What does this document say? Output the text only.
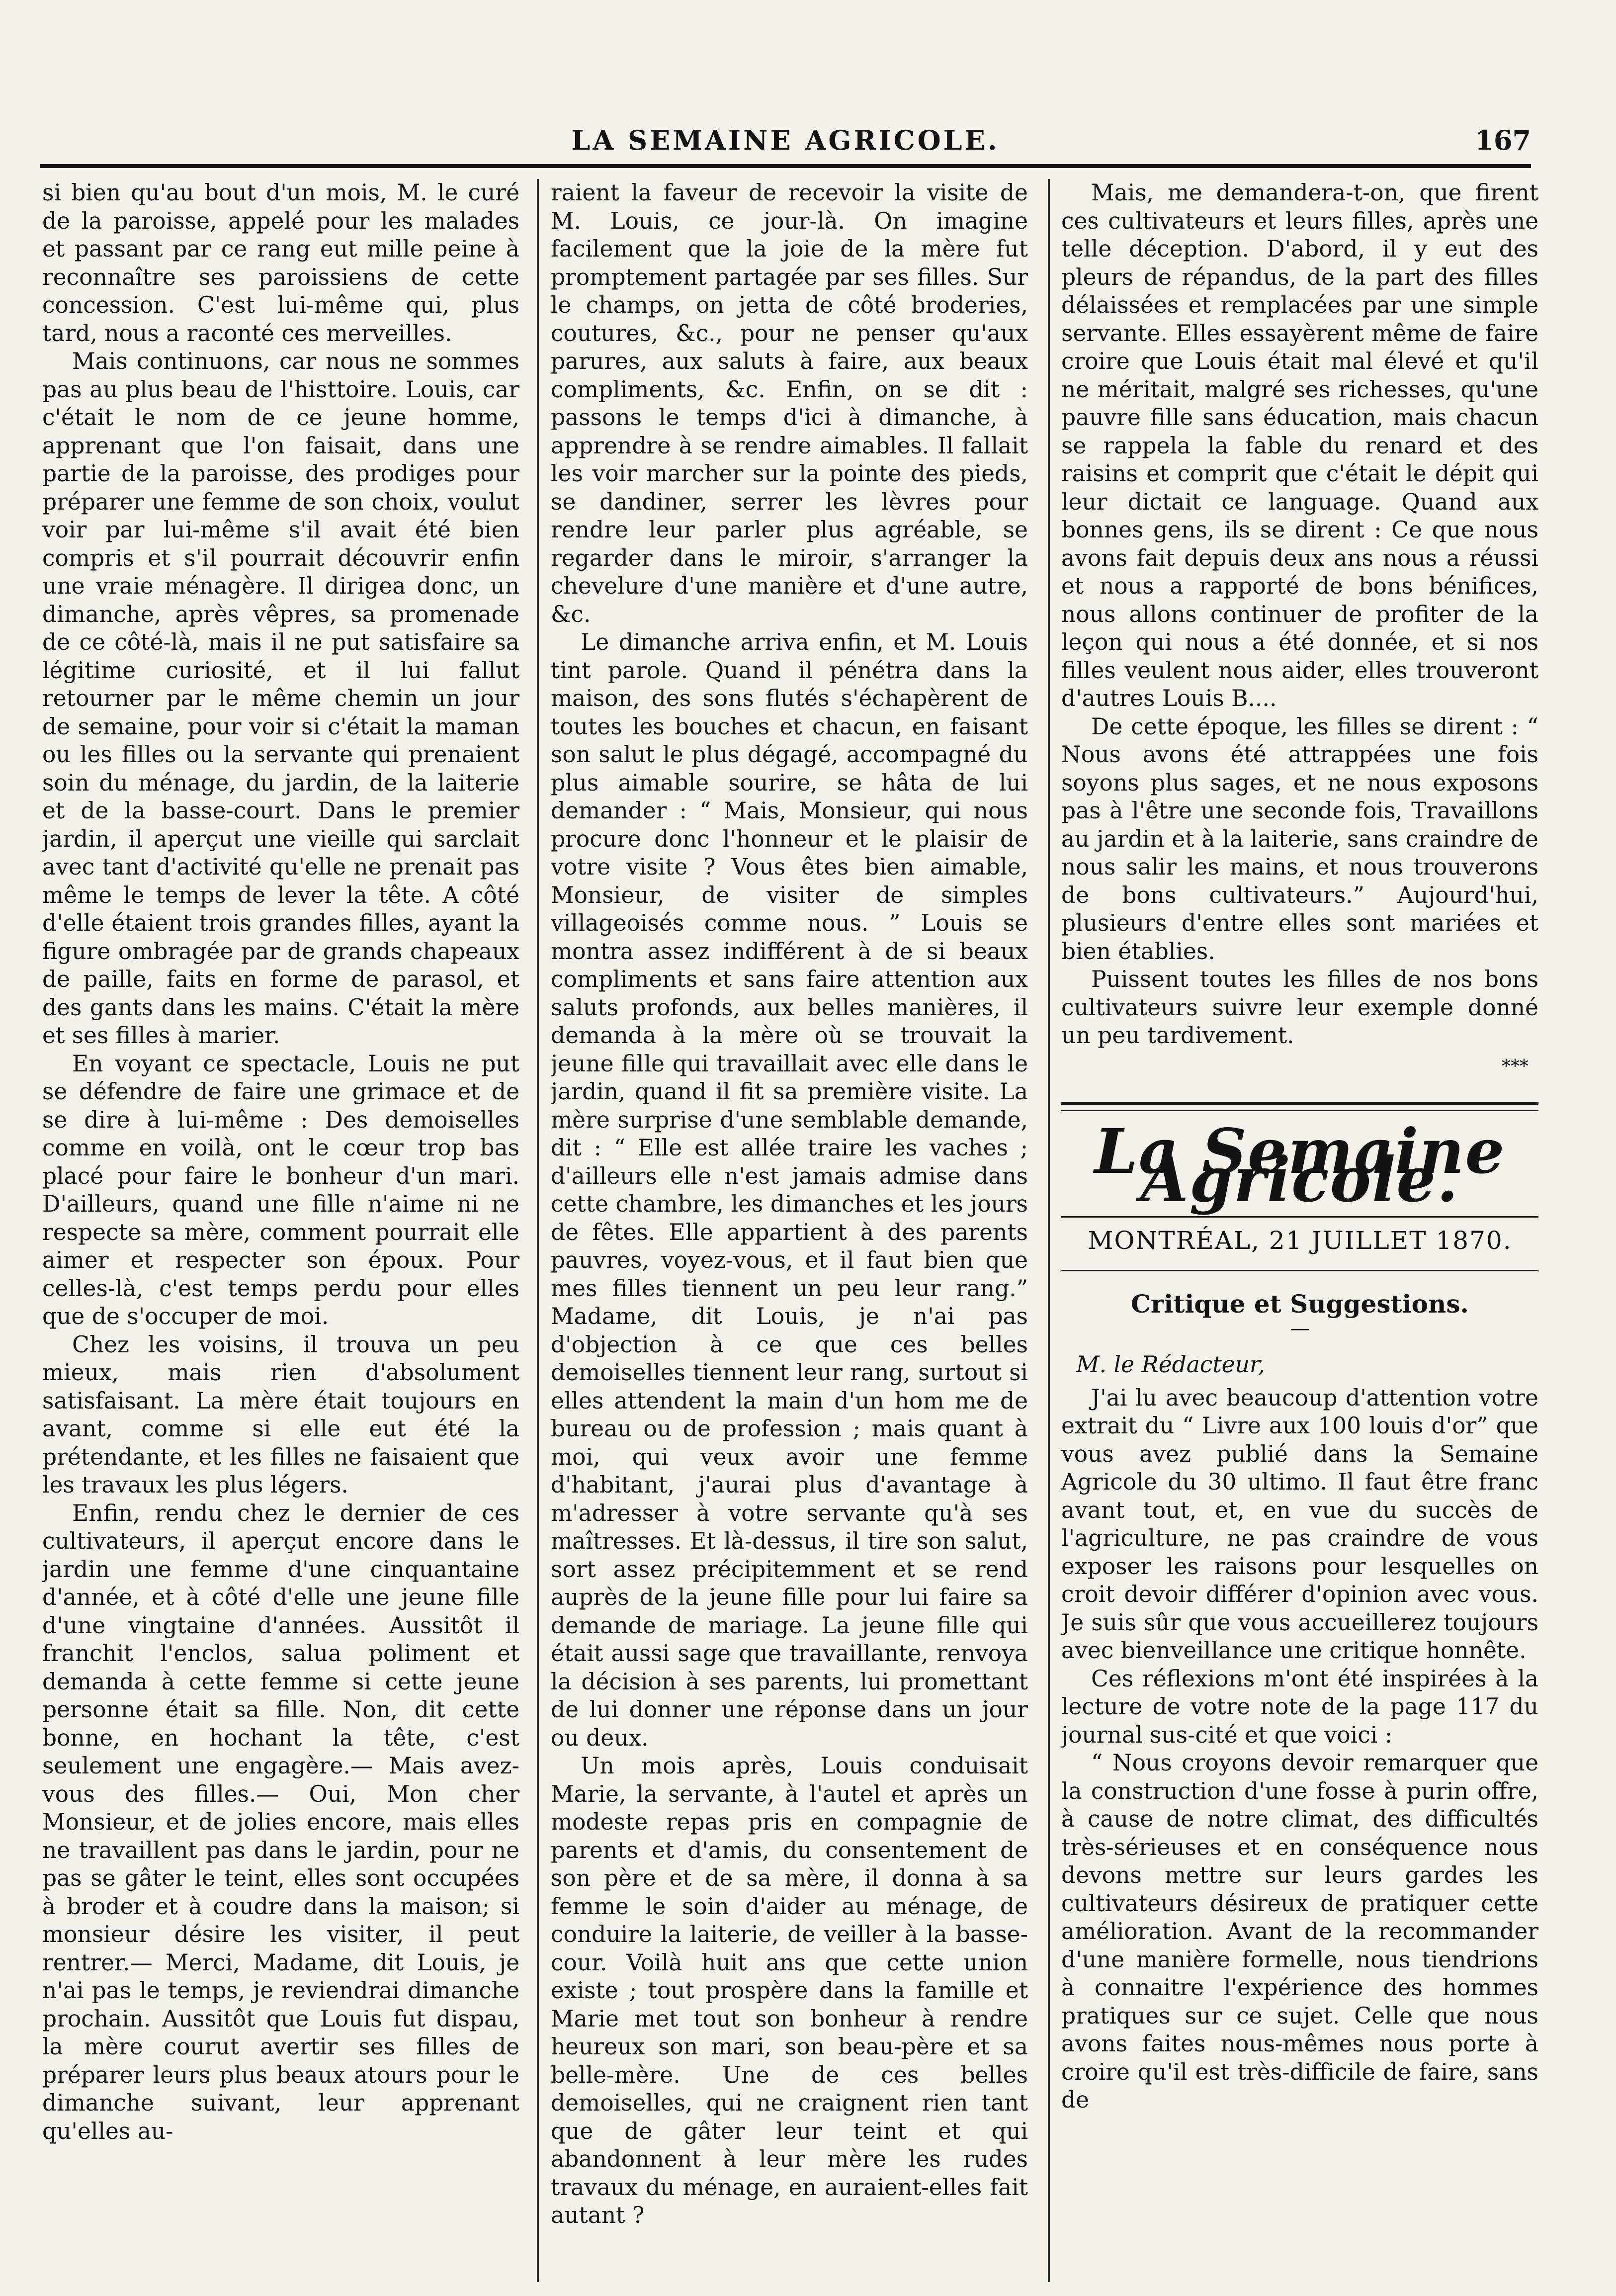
LA SEMAINE AGRICOLE.	167

si bien qu'au bout d'un mois, M. le curé de la paroisse, appelé pour les malades et passant par ce rang eut mille peine à reconnaître ses paroissiens de cette concession. C'est lui-même qui, plus tard, nous a raconté ces merveilles.

Mais continuons, car nous ne sommes pas au plus beau de l'histtoire. Louis, car c'était le nom de ce jeune homme, apprenant que l'on faisait, dans une partie de la paroisse, des prodiges pour préparer une femme de son choix, voulut voir par lui-même s'il avait été bien compris et s'il pourrait découvrir enfin une vraie ménagère. Il dirigea donc, un dimanche, après vêpres, sa promenade de ce côté-là, mais il ne put satisfaire sa légitime curiosité, et il lui fallut retourner par le même chemin un jour de semaine, pour voir si c'était la maman ou les filles ou la servante qui prenaient soin du ménage, du jardin, de la laiterie et de la basse-court. Dans le premier jardin, il aperçut une vieille qui sarclait avec tant d'activité qu'elle ne prenait pas même le temps de lever la tête. A côté d'elle étaient trois grandes filles, ayant la figure ombragée par de grands chapeaux de paille, faits en forme de parasol, et des gants dans les mains. C'était la mère et ses filles à marier.

En voyant ce spectacle, Louis ne put se défendre de faire une grimace et de se dire à lui-même : Des demoiselles comme en voilà, ont le cœur trop bas placé pour faire le bonheur d'un mari. D'ailleurs, quand une fille n'aime ni ne respecte sa mère, comment pourrait elle aimer et respecter son époux. Pour celles-là, c'est temps perdu pour elles que de s'occuper de moi.

Chez les voisins, il trouva un peu mieux, mais rien d'absolument satisfaisant. La mère était toujours en avant, comme si elle eut été la prétendante, et les filles ne faisaient que les travaux les plus légers.

Enfin, rendu chez le dernier de ces cultivateurs, il aperçut encore dans le jardin une femme d'une cinquantaine d'année, et à côté d'elle une jeune fille d'une vingtaine d'années. Aussitôt il franchit l'enclos, salua poliment et demanda à cette femme si cette jeune personne était sa fille. Non, dit cette bonne, en hochant la tête, c'est seulement une engagère.— Mais avez-vous des filles.— Oui, Mon cher Monsieur, et de jolies encore, mais elles ne travaillent pas dans le jardin, pour ne pas se gâter le teint, elles sont occupées à broder et à coudre dans la maison; si monsieur désire les visiter, il peut rentrer.— Merci, Madame, dit Louis, je n'ai pas le temps, je reviendrai dimanche prochain. Aussitôt que Louis fut dispau, la mère courut avertir ses filles de préparer leurs plus beaux atours pour le dimanche suivant, leur apprenant qu'elles au-

raient la faveur de recevoir la visite de M. Louis, ce jour-là. On imagine facilement que la joie de la mère fut promptement partagée par ses filles. Sur le champs, on jetta de côté broderies, coutures, &c., pour ne penser qu'aux parures, aux saluts à faire, aux beaux compliments, &c. Enfin, on se dit : passons le temps d'ici à dimanche, à apprendre à se rendre aimables. Il fallait les voir marcher sur la pointe des pieds, se dandiner, serrer les lèvres pour rendre leur parler plus agréable, se regarder dans le miroir, s'arranger la chevelure d'une manière et d'une autre, &c.

Le dimanche arriva enfin, et M. Louis tint parole. Quand il pénétra dans la maison, des sons flutés s'échapèrent de toutes les bouches et chacun, en faisant son salut le plus dégagé, accompagné du plus aimable sourire, se hâta de lui demander : “ Mais, Monsieur, qui nous procure donc l'honneur et le plaisir de votre visite ? Vous êtes bien aimable, Monsieur, de visiter de simples villageoisés comme nous. ” Louis se montra assez indifférent à de si beaux compliments et sans faire attention aux saluts profonds, aux belles manières, il demanda à la mère où se trouvait la jeune fille qui travaillait avec elle dans le jardin, quand il fit sa première visite. La mère surprise d'une semblable demande, dit : “ Elle est allée traire les vaches ; d'ailleurs elle n'est jamais admise dans cette chambre, les dimanches et les jours de fêtes. Elle appartient à des parents pauvres, voyez-vous, et il faut bien que mes filles tiennent un peu leur rang.” Madame, dit Louis, je n'ai pas d'objection à ce que ces belles demoiselles tiennent leur rang, surtout si elles attendent la main d'un hom me de bureau ou de profession ; mais quant à moi, qui veux avoir une femme d'habitant, j'aurai plus d'avantage à m'adresser à votre servante qu'à ses maîtresses. Et là-dessus, il tire son salut, sort assez précipitemment et se rend auprès de la jeune fille pour lui faire sa demande de mariage. La jeune fille qui était aussi sage que travaillante, renvoya la décision à ses parents, lui promettant de lui donner une réponse dans un jour ou deux.

Un mois après, Louis conduisait Marie, la servante, à l'autel et après un modeste repas pris en compagnie de parents et d'amis, du consentement de son père et de sa mère, il donna à sa femme le soin d'aider au ménage, de conduire la laiterie, de veiller à la basse-cour. Voilà huit ans que cette union existe ; tout prospère dans la famille et Marie met tout son bonheur à rendre heureux son mari, son beau-père et sa belle-mère. Une de ces belles demoiselles, qui ne craignent rien tant que de gâter leur teint et qui abandonnent à leur mère les rudes travaux du ménage, en auraient-elles fait autant ?

Mais, me demandera-t-on, que firent ces cultivateurs et leurs filles, après une telle déception. D'abord, il y eut des pleurs de répandus, de la part des filles délaissées et remplacées par une simple servante. Elles essayèrent même de faire croire que Louis était mal élevé et qu'il ne méritait, malgré ses richesses, qu'une pauvre fille sans éducation, mais chacun se rappela la fable du renard et des raisins et comprit que c'était le dépit qui leur dictait ce language. Quand aux bonnes gens, ils se dirent : Ce que nous avons fait depuis deux ans nous a réussi et nous a rapporté de bons bénifices, nous allons continuer de profiter de la leçon qui nous a été donnée, et si nos filles veulent nous aider, elles trouveront d'autres Louis B....

De cette époque, les filles se dirent : “ Nous avons été attrappées une fois soyons plus sages, et ne nous exposons pas à l'être une seconde fois, Travaillons au jardin et à la laiterie, sans craindre de nous salir les mains, et nous trouverons de bons cultivateurs.” Aujourd'hui, plusieurs d'entre elles sont mariées et bien établies.

Puissent toutes les filles de nos bons cultivateurs suivre leur exemple donné un peu tardivement.

***
La Semaine Agricole.
MONTRÉAL, 21 JUILLET 1870.
Critique et Suggestions.
—
M. le Rédacteur,

J'ai lu avec beaucoup d'attention votre extrait du “ Livre aux 100 louis d'or” que vous avez publié dans la Semaine Agricole du 30 ultimo. Il faut être franc avant tout, et, en vue du succès de l'agriculture, ne pas craindre de vous exposer les raisons pour lesquelles on croit devoir différer d'opinion avec vous. Je suis sûr que vous accueillerez toujours avec bienveillance une critique honnête.

Ces réflexions m'ont été inspirées à la lecture de votre note de la page 117 du journal sus-cité et que voici :

“ Nous croyons devoir remarquer que la construction d'une fosse à purin offre, à cause de notre climat, des difficultés très-sérieuses et en conséquence nous devons mettre sur leurs gardes les cultivateurs désireux de pratiquer cette amélioration. Avant de la recommander d'une manière formelle, nous tiendrions à connaitre l'expérience des hommes pratiques sur ce sujet. Celle que nous avons faites nous-mêmes nous porte à croire qu'il est très-difficile de faire, sans de
